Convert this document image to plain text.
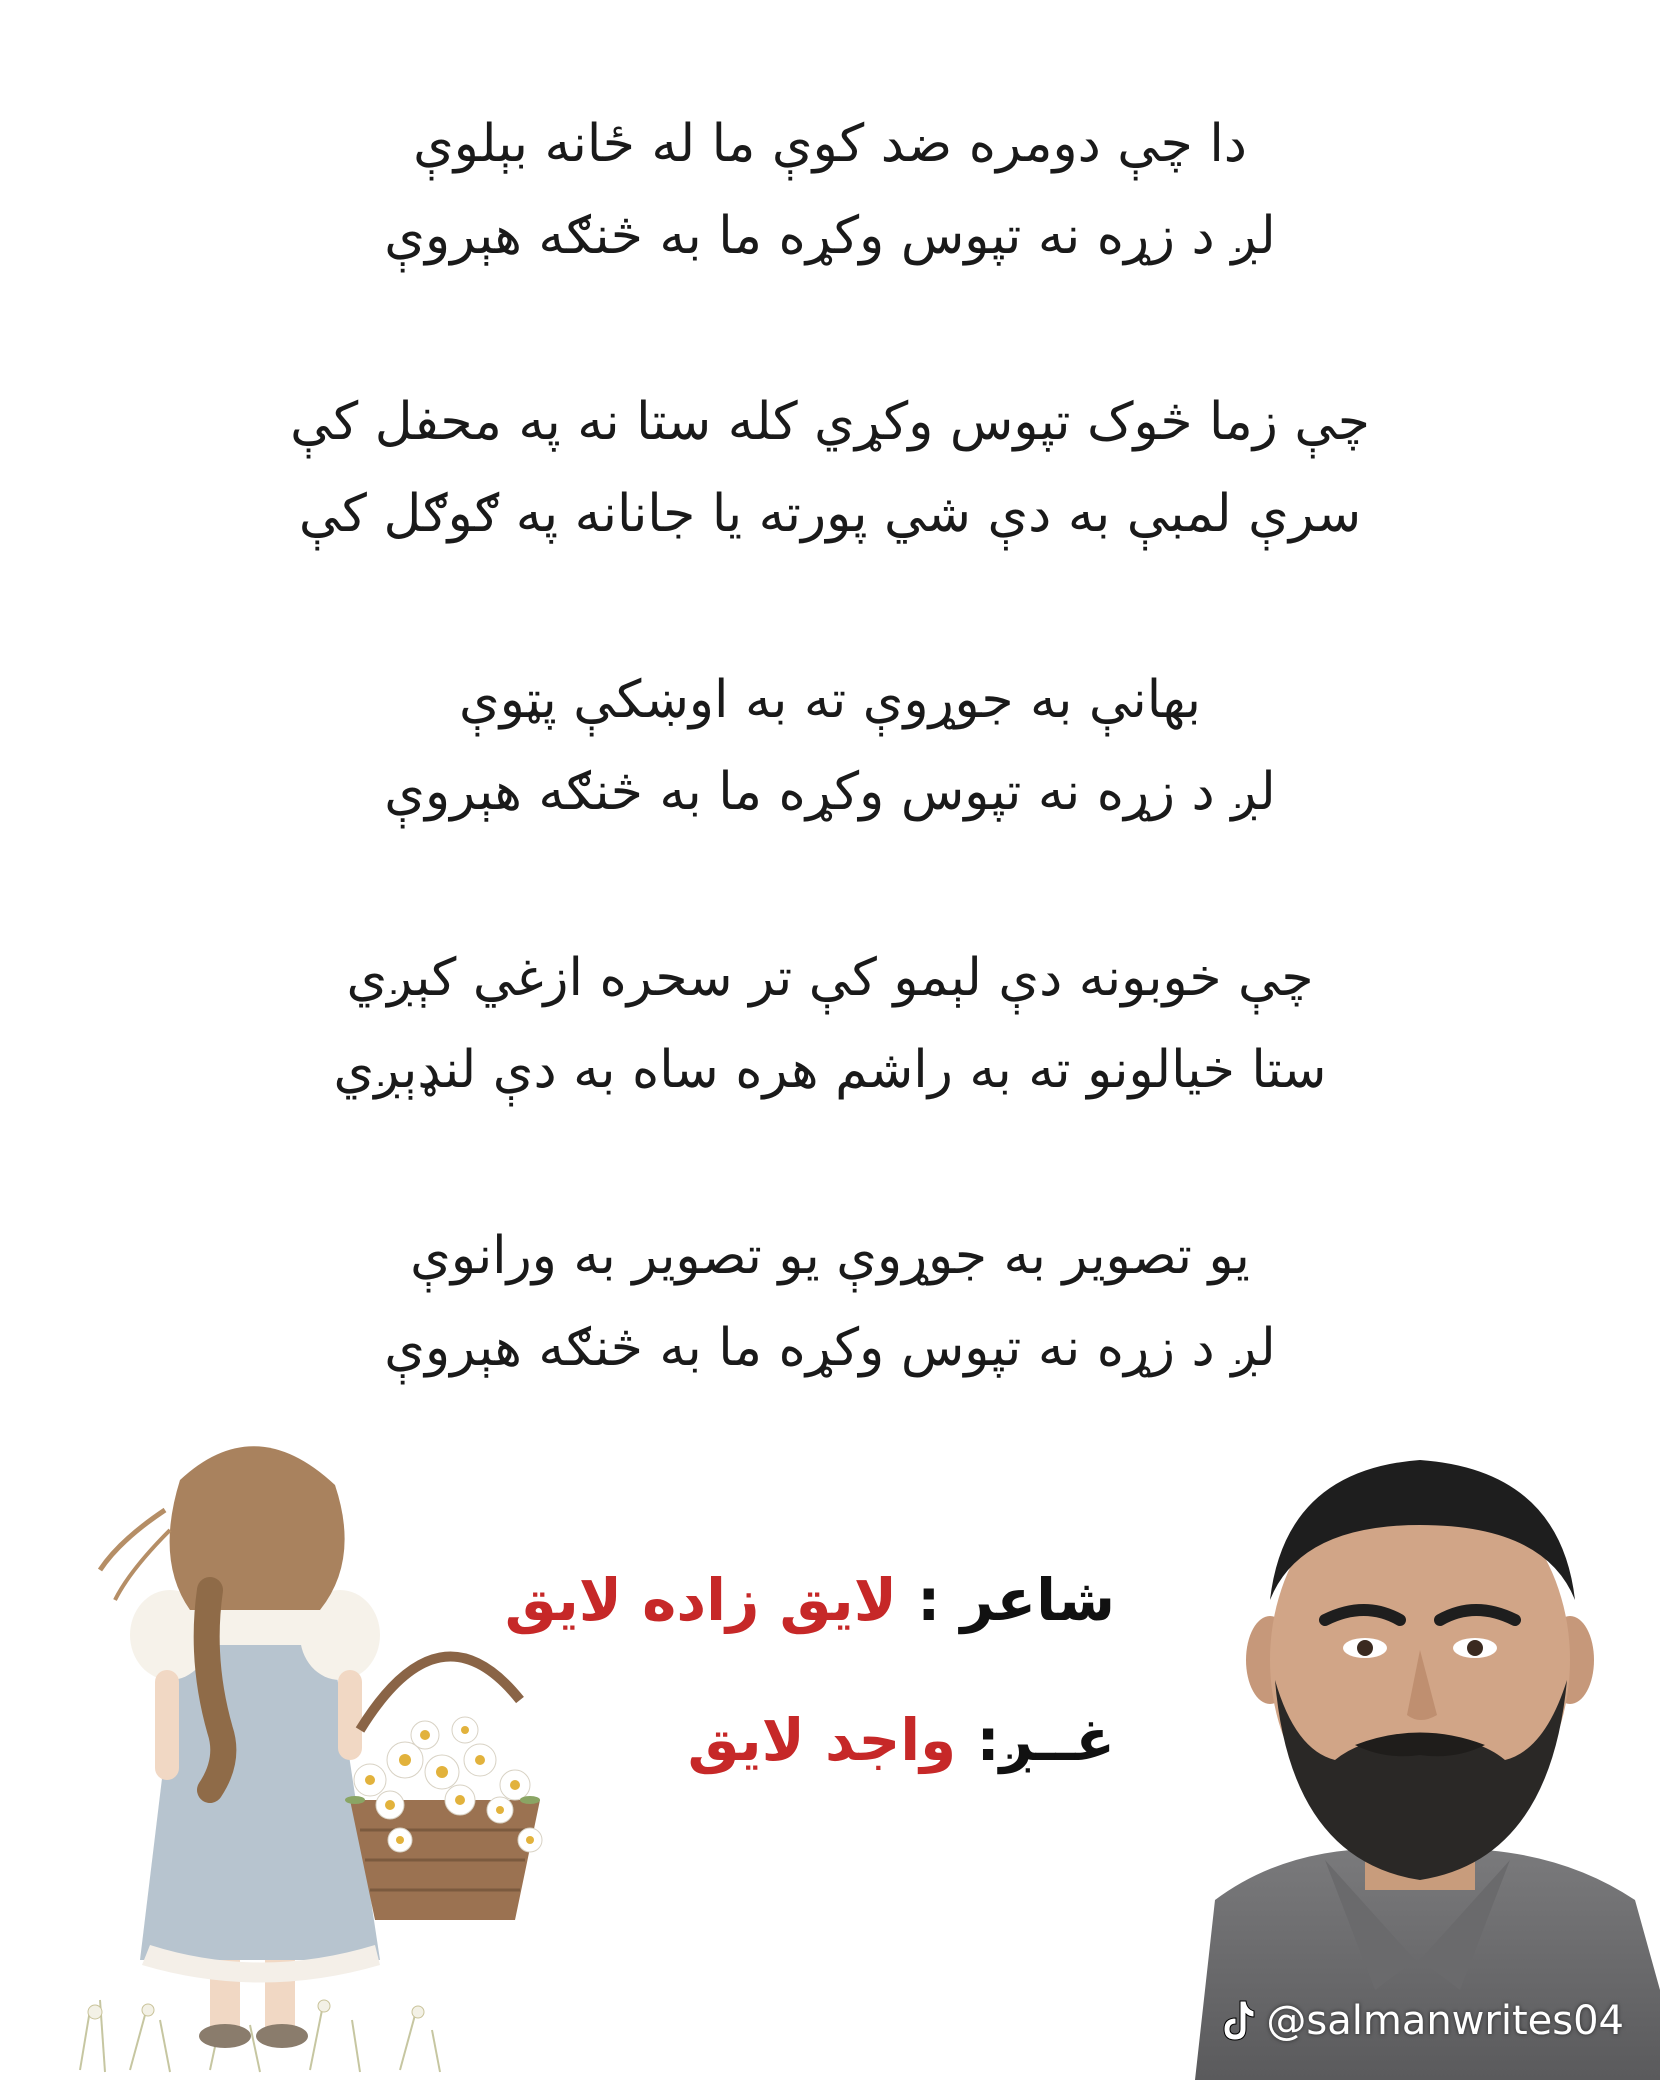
دا چې دومره ضد کوې ما له ځانه بېلوې
لږ د زړه نه تپوس وکړه ما به څنګه هېروې
چې زما څوک تپوس وکړي کله ستا نه په محفل کې
سرې لمبې به دې شي پورته یا جانانه په ګوګل کې
بهانې به جوړوې ته به اوښکې پټوې
لږ د زړه نه تپوس وکړه ما به څنګه هېروې
چې خوبونه دې لېمو کې تر سحره ازغي کېږي
ستا خیالونو ته به راشم هره ساه به دې لنډېږي
یو تصویر به جوړوې یو تصویر به ورانوې
لږ د زړه نه تپوس وکړه ما به څنګه هېروې
شاعر : لایق زاده لایق
غــږ: واجد لایق
@salmanwrites04
